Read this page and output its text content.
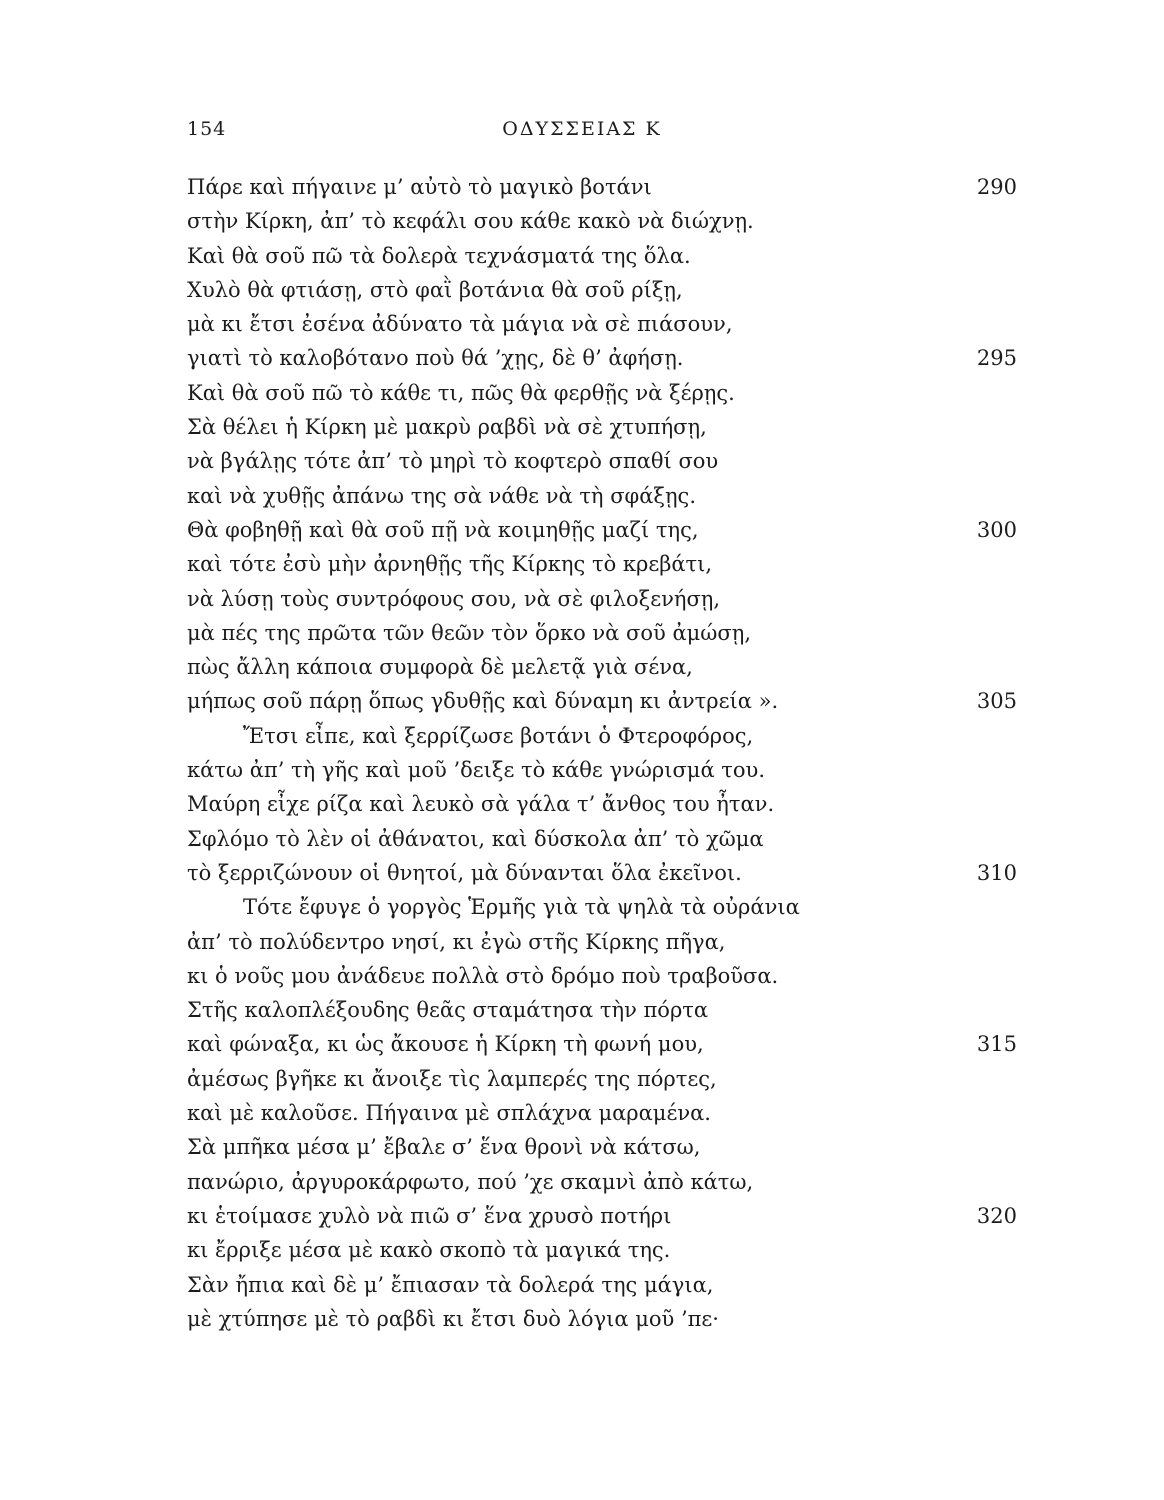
154	ΟΔΥΣΣΕΙΑΣ Κ
Πάρε καὶ πήγαινε μ’ αὐτὸ τὸ μαγικὸ βοτάνι	290
στὴν Κίρκη, ἀπ’ τὸ κεφάλι σου κάθε κακὸ νὰ διώχνῃ.
Καὶ θὰ σοῦ πῶ τὰ δολερὰ τεχνάσματά της ὅλα.
Χυλὸ θὰ φτιάσῃ, στὸ φαῒ βοτάνια θὰ σοῦ ρίξῃ,
μὰ κι ἔτσι ἐσένα ἀδύνατο τὰ μάγια νὰ σὲ πιάσουν,
γιατὶ τὸ καλοβότανο ποὺ θά ’χῃς, δὲ θ’ ἀφήσῃ.	295
Καὶ θὰ σοῦ πῶ τὸ κάθε τι, πῶς θὰ φερθῇς νὰ ξέρῃς.
Σὰ θέλει ἡ Κίρκη μὲ μακρὺ ραβδὶ νὰ σὲ χτυπήσῃ,
νὰ βγάλῃς τότε ἀπ’ τὸ μηρὶ τὸ κοφτερὸ σπαθί σου
καὶ νὰ χυθῇς ἀπάνω της σὰ νάθε νὰ τὴ σφάξῃς.
Θὰ φοβηθῇ καὶ θὰ σοῦ πῇ νὰ κοιμηθῇς μαζί της,	300
καὶ τότε ἐσὺ μὴν ἀρνηθῇς τῆς Κίρκης τὸ κρεβάτι,
νὰ λύσῃ τοὺς συντρόφους σου, νὰ σὲ φιλοξενήσῃ,
μὰ πές της πρῶτα τῶν θεῶν τὸν ὅρκο νὰ σοῦ ἀμώσῃ,
πὼς ἄλλη κάποια συμφορὰ δὲ μελετᾷ γιὰ σένα,
μήπως σοῦ πάρῃ ὅπως γδυθῇς καὶ δύναμη κι ἀντρεία ».	305
Ἔτσι εἶπε, καὶ ξερρίζωσε βοτάνι ὁ Φτεροφόρος,
κάτω ἀπ’ τὴ γῆς καὶ μοῦ ’δειξε τὸ κάθε γνώρισμά του.
Μαύρη εἶχε ρίζα καὶ λευκὸ σὰ γάλα τ’ ἄνθος του ἦταν.
Σφλόμο τὸ λὲν οἱ ἀθάνατοι, καὶ δύσκολα ἀπ’ τὸ χῶμα
τὸ ξερριζώνουν οἱ θνητοί, μὰ δύνανται ὅλα ἐκεῖνοι.	310
Τότε ἔφυγε ὁ γοργὸς Ἑρμῆς γιὰ τὰ ψηλὰ τὰ οὐράνια
ἀπ’ τὸ πολύδεντρο νησί, κι ἐγὼ στῆς Κίρκης πῆγα,
κι ὁ νοῦς μου ἀνάδευε πολλὰ στὸ δρόμο ποὺ τραβοῦσα.
Στῆς καλοπλέξουδης θεᾶς σταμάτησα τὴν πόρτα
καὶ φώναξα, κι ὡς ἄκουσε ἡ Κίρκη τὴ φωνή μου,	315
ἀμέσως βγῆκε κι ἄνοιξε τὶς λαμπερές της πόρτες,
καὶ μὲ καλοῦσε. Πήγαινα μὲ σπλάχνα μαραμένα.
Σὰ μπῆκα μέσα μ’ ἔβαλε σ’ ἕνα θρονὶ νὰ κάτσω,
πανώριο, ἀργυροκάρφωτο, πού ’χε σκαμνὶ ἀπὸ κάτω,
κι ἑτοίμασε χυλὸ νὰ πιῶ σ’ ἕνα χρυσὸ ποτήρι	320
κι ἔρριξε μέσα μὲ κακὸ σκοπὸ τὰ μαγικά της.
Σὰν ἤπια καὶ δὲ μ’ ἔπιασαν τὰ δολερά της μάγια,
μὲ χτύπησε μὲ τὸ ραβδὶ κι ἔτσι δυὸ λόγια μοῦ ’πε·
